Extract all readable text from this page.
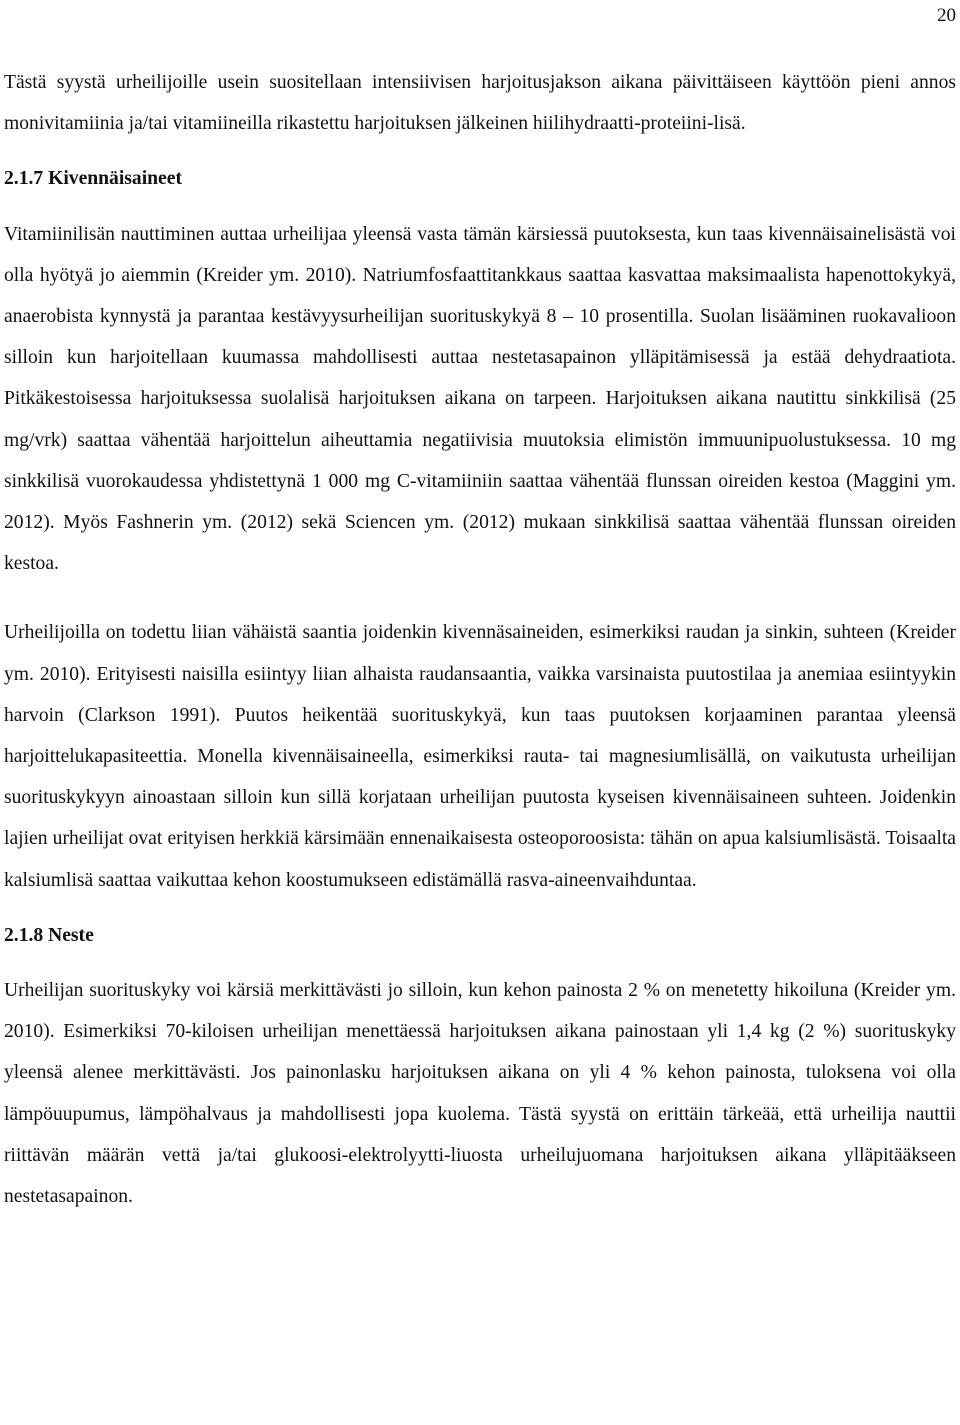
20

Tästä syystä urheilijoille usein suositellaan intensiivisen harjoitusjakson aikana päivittäiseen käyttöön pieni annos monivitamiinia ja/tai vitamiineilla rikastettu harjoituksen jälkeinen hiilihydraatti-proteiini-lisä.

2.1.7 Kivennäisaineet

Vitamiinilisän nauttiminen auttaa urheilijaa yleensä vasta tämän kärsiessä puutoksesta, kun taas kivennäisainelisästä voi olla hyötyä jo aiemmin (Kreider ym. 2010). Natriumfosfaattitankkaus saattaa kasvattaa maksimaalista hapenottokykyä, anaerobista kynnystä ja parantaa kestävyysurheilijan suorituskykyä 8 – 10 prosentilla. Suolan lisääminen ruokavalioon silloin kun harjoitellaan kuumassa mahdollisesti auttaa nestetasapainon ylläpitämisessä ja estää dehydraatiota. Pitkäkestoisessa harjoituksessa suolalisä harjoituksen aikana on tarpeen. Harjoituksen aikana nautittu sinkkilisä (25 mg/vrk) saattaa vähentää harjoittelun aiheuttamia negatiivisia muutoksia elimistön immuunipuolustuksessa. 10 mg sinkkilisä vuorokaudessa yhdistettynä 1 000 mg C-vitamiiniin saattaa vähentää flunssan oireiden kestoa (Maggini ym. 2012). Myös Fashnerin ym. (2012) sekä Sciencen ym. (2012) mukaan sinkkilisä saattaa vähentää flunssan oireiden kestoa.

Urheilijoilla on todettu liian vähäistä saantia joidenkin kivennäsaineiden, esimerkiksi raudan ja sinkin, suhteen (Kreider ym. 2010). Erityisesti naisilla esiintyy liian alhaista raudansaantia, vaikka varsinaista puutostilaa ja anemiaa esiintyykin harvoin (Clarkson 1991). Puutos heikentää suorituskykyä, kun taas puutoksen korjaaminen parantaa yleensä harjoittelukapasiteettia. Monella kivennäisaineella, esimerkiksi rauta- tai magnesiumlisällä, on vaikutusta urheilijan suorituskykyyn ainoastaan silloin kun sillä korjataan urheilijan puutosta kyseisen kivennäisaineen suhteen. Joidenkin lajien urheilijat ovat erityisen herkkiä kärsimään ennenaikaisesta osteoporoosista: tähän on apua kalsiumlisästä. Toisaalta kalsiumlisä saattaa vaikuttaa kehon koostumukseen edistämällä rasva-aineenvaihduntaa.

2.1.8 Neste

Urheilijan suorituskyky voi kärsiä merkittävästi jo silloin, kun kehon painosta 2 % on menetetty hikoiluna (Kreider ym. 2010). Esimerkiksi 70-kiloisen urheilijan menettäessä harjoituksen aikana painostaan yli 1,4 kg (2 %) suorituskyky yleensä alenee merkittävästi. Jos painonlasku harjoituksen aikana on yli 4 % kehon painosta, tuloksena voi olla lämpöuupumus, lämpöhalvaus ja mahdollisesti jopa kuolema. Tästä syystä on erittäin tärkeää, että urheilija nauttii riittävän määrän vettä ja/tai glukoosi-elektrolyytti-liuosta urheilujuomana harjoituksen aikana ylläpitääkseen nestetasapainon.
